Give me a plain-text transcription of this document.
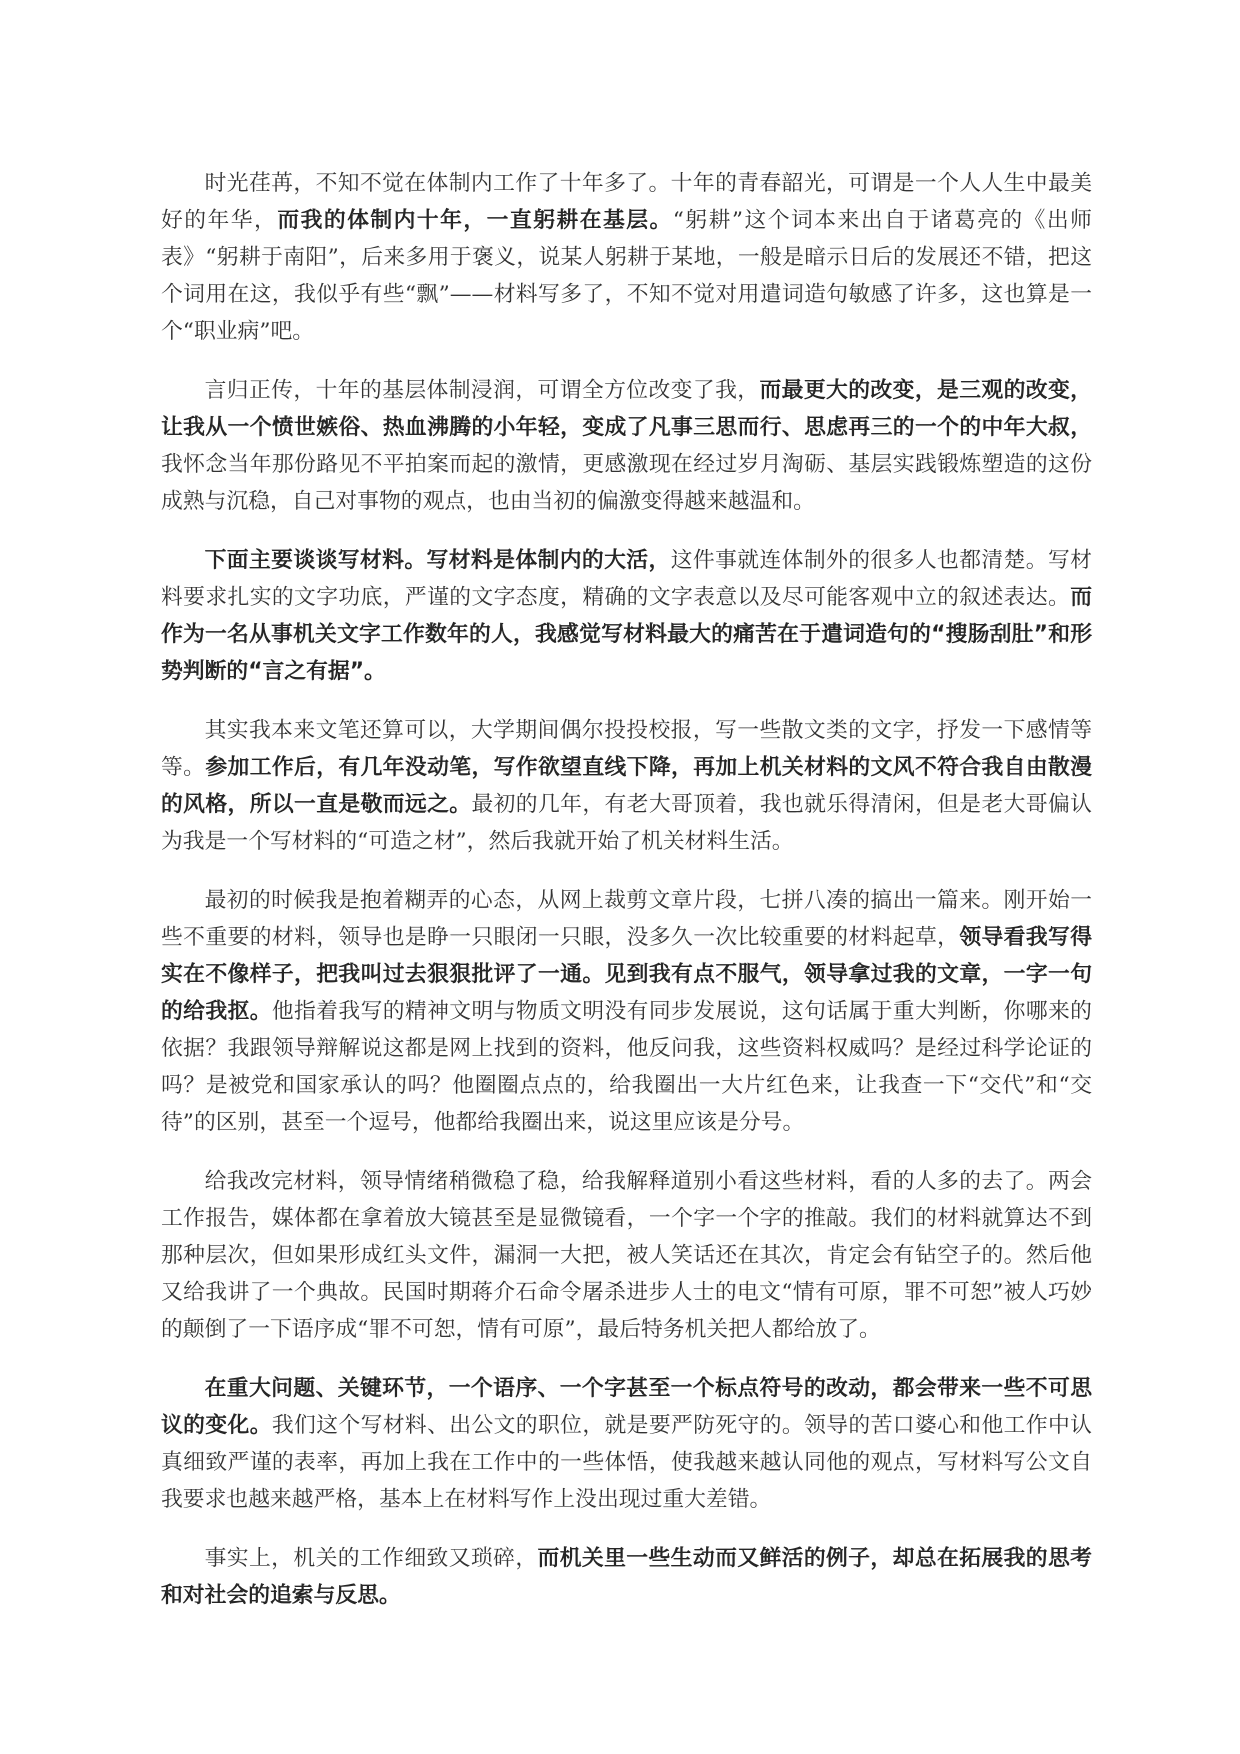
时光荏苒，不知不觉在体制内工作了十年多了。十年的青春韶光，可谓是一个人人生中最美好的年华，而我的体制内十年，一直躬耕在基层。“躬耕”这个词本来出自于诸葛亮的《出师表》“躬耕于南阳”，后来多用于褒义，说某人躬耕于某地，一般是暗示日后的发展还不错，把这个词用在这，我似乎有些“飘”——材料写多了，不知不觉对用遣词造句敏感了许多，这也算是一个“职业病”吧。

言归正传，十年的基层体制浸润，可谓全方位改变了我，而最更大的改变，是三观的改变，让我从一个愤世嫉俗、热血沸腾的小年轻，变成了凡事三思而行、思虑再三的一个的中年大叔，我怀念当年那份路见不平拍案而起的激情，更感激现在经过岁月淘砺、基层实践锻炼塑造的这份成熟与沉稳，自己对事物的观点，也由当初的偏激变得越来越温和。

下面主要谈谈写材料。写材料是体制内的大活，这件事就连体制外的很多人也都清楚。写材料要求扎实的文字功底，严谨的文字态度，精确的文字表意以及尽可能客观中立的叙述表达。而作为一名从事机关文字工作数年的人，我感觉写材料最大的痛苦在于遣词造句的“搜肠刮肚”和形势判断的“言之有据”。

其实我本来文笔还算可以，大学期间偶尔投投校报，写一些散文类的文字，抒发一下感情等等。参加工作后，有几年没动笔，写作欲望直线下降，再加上机关材料的文风不符合我自由散漫的风格，所以一直是敬而远之。最初的几年，有老大哥顶着，我也就乐得清闲，但是老大哥偏认为我是一个写材料的“可造之材”，然后我就开始了机关材料生活。

最初的时候我是抱着糊弄的心态，从网上裁剪文章片段，七拼八凑的搞出一篇来。刚开始一些不重要的材料，领导也是睁一只眼闭一只眼，没多久一次比较重要的材料起草，领导看我写得实在不像样子，把我叫过去狠狠批评了一通。见到我有点不服气，领导拿过我的文章，一字一句的给我抠。他指着我写的精神文明与物质文明没有同步发展说，这句话属于重大判断，你哪来的依据？我跟领导辩解说这都是网上找到的资料，他反问我，这些资料权威吗？是经过科学论证的吗？是被党和国家承认的吗？他圈圈点点的，给我圈出一大片红色来，让我查一下“交代”和“交待”的区别，甚至一个逗号，他都给我圈出来，说这里应该是分号。

给我改完材料，领导情绪稍微稳了稳，给我解释道别小看这些材料，看的人多的去了。两会工作报告，媒体都在拿着放大镜甚至是显微镜看，一个字一个字的推敲。我们的材料就算达不到那种层次，但如果形成红头文件，漏洞一大把，被人笑话还在其次，肯定会有钻空子的。然后他又给我讲了一个典故。民国时期蒋介石命令屠杀进步人士的电文“情有可原，罪不可恕”被人巧妙的颠倒了一下语序成“罪不可恕，情有可原”，最后特务机关把人都给放了。

在重大问题、关键环节，一个语序、一个字甚至一个标点符号的改动，都会带来一些不可思议的变化。我们这个写材料、出公文的职位，就是要严防死守的。领导的苦口婆心和他工作中认真细致严谨的表率，再加上我在工作中的一些体悟，使我越来越认同他的观点，写材料写公文自我要求也越来越严格，基本上在材料写作上没出现过重大差错。

事实上，机关的工作细致又琐碎，而机关里一些生动而又鲜活的例子，却总在拓展我的思考和对社会的追索与反思。
